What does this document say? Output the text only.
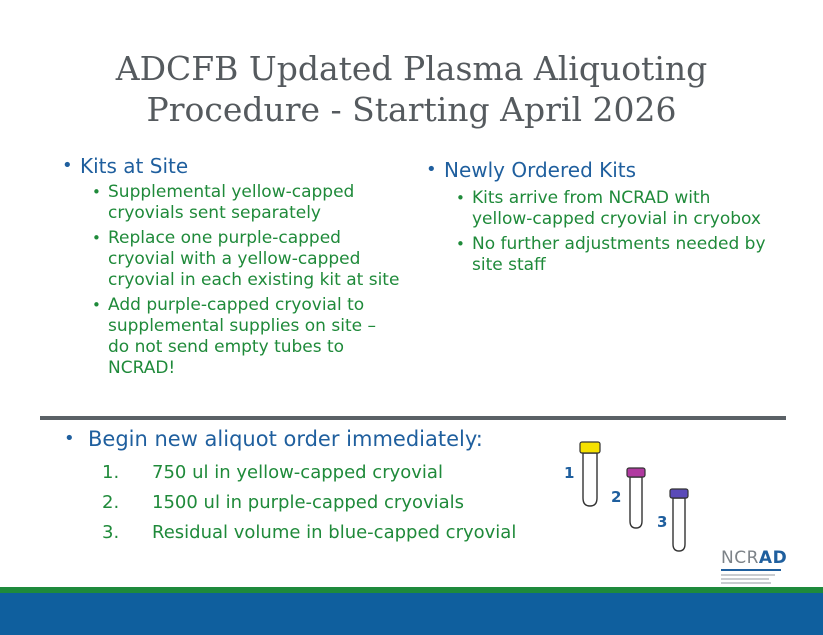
ADCFB Updated Plasma Aliquoting
Procedure - Starting April 2026
• Kits at Site
• Supplemental yellow-capped cryovials sent separately
• Replace one purple-capped cryovial with a yellow-capped cryovial in each existing kit at site
• Add purple-capped cryovial to supplemental supplies on site – do not send empty tubes to NCRAD!
• Newly Ordered Kits
• Kits arrive from NCRAD with yellow-capped cryovial in cryobox
• No further adjustments needed by site staff
• Begin new aliquot order immediately:
1.	750 ul in yellow-capped cryovial
2.	1500 ul in purple-capped cryovials
3.	Residual volume in blue-capped cryovial
1
2
3
NCRAD
